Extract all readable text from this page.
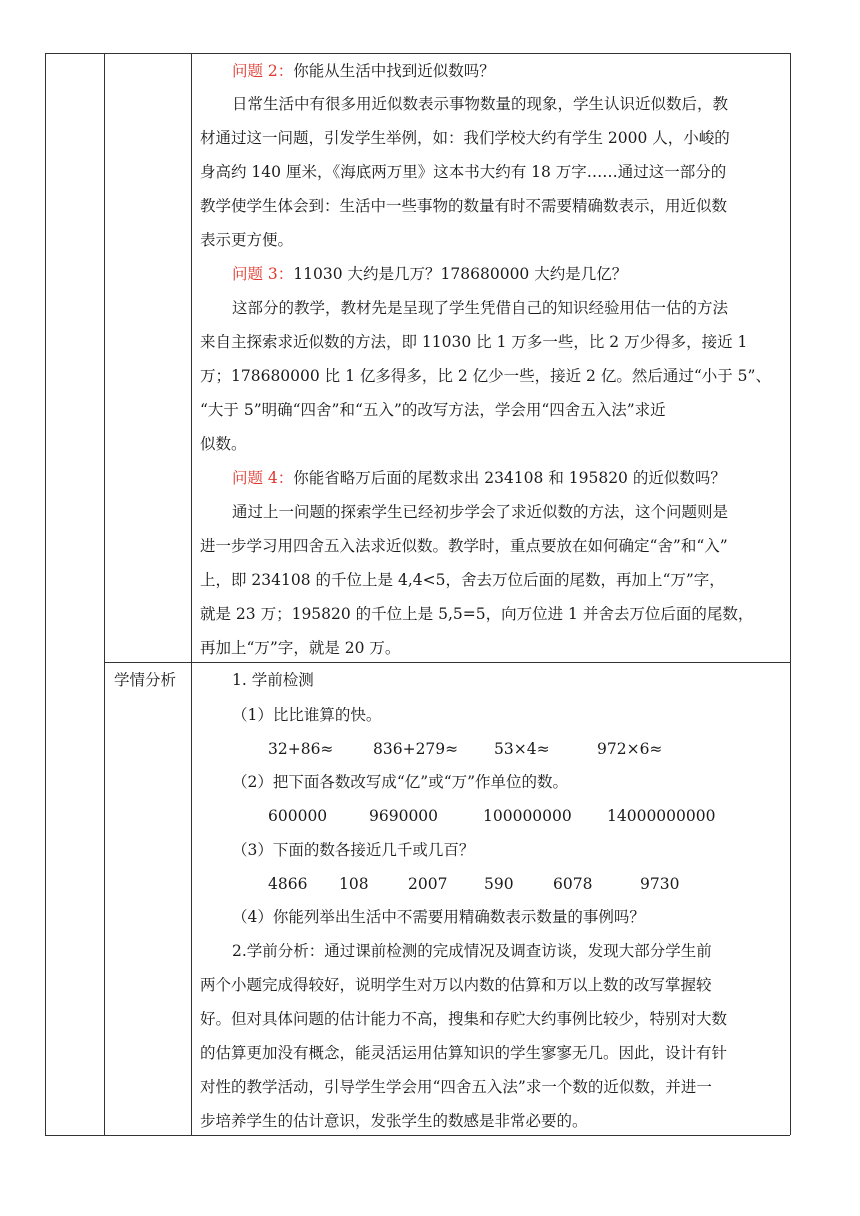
问题 2：你能从生活中找到近似数吗？
日常生活中有很多用近似数表示事物数量的现象，学生认识近似数后，教
材通过这一问题，引发学生举例，如：我们学校大约有学生 2000 人，小峻的
身高约 140 厘米，《海底两万里》这本书大约有 18 万字……通过这一部分的
教学使学生体会到：生活中一些事物的数量有时不需要精确数表示，用近似数
表示更方便。
问题 3：11030 大约是几万？178680000 大约是几亿？
这部分的教学，教材先是呈现了学生凭借自己的知识经验用估一估的方法
来自主探索求近似数的方法，即 11030 比 1 万多一些，比 2 万少得多，接近 1
万；178680000 比 1 亿多得多，比 2 亿少一些，接近 2 亿。然后通过“小于 5”、
“大于 5”明确“四舍”和“五入”的改写方法，学会用“四舍五入法”求近
似数。
问题 4：你能省略万后面的尾数求出 234108 和 195820 的近似数吗？
通过上一问题的探索学生已经初步学会了求近似数的方法，这个问题则是
进一步学习用四舍五入法求近似数。教学时，重点要放在如何确定“舍”和“入”
上，即 234108 的千位上是 4,4<5，舍去万位后面的尾数，再加上“万”字，
就是 23 万；195820 的千位上是 5,5=5，向万位进 1 并舍去万位后面的尾数，
再加上“万”字，就是 20 万。
学情分析	1. 学前检测
（1）比比谁算的快。
32+86≈	836+279≈ 53×4≈	972×6≈
（2）把下面各数改写成“亿”或“万”作单位的数。
600000	9690000	100000000 14000000000
（3）下面的数各接近几千或几百？
4866 108	2007 590	6078	9730
（4）你能列举出生活中不需要用精确数表示数量的事例吗？
2.学前分析：通过课前检测的完成情况及调查访谈，发现大部分学生前
两个小题完成得较好，说明学生对万以内数的估算和万以上数的改写掌握较
好。但对具体问题的估计能力不高，搜集和存贮大约事例比较少，特别对大数
的估算更加没有概念，能灵活运用估算知识的学生寥寥无几。因此，设计有针
对性的教学活动，引导学生学会用“四舍五入法”求一个数的近似数，并进一
步培养学生的估计意识，发张学生的数感是非常必要的。
